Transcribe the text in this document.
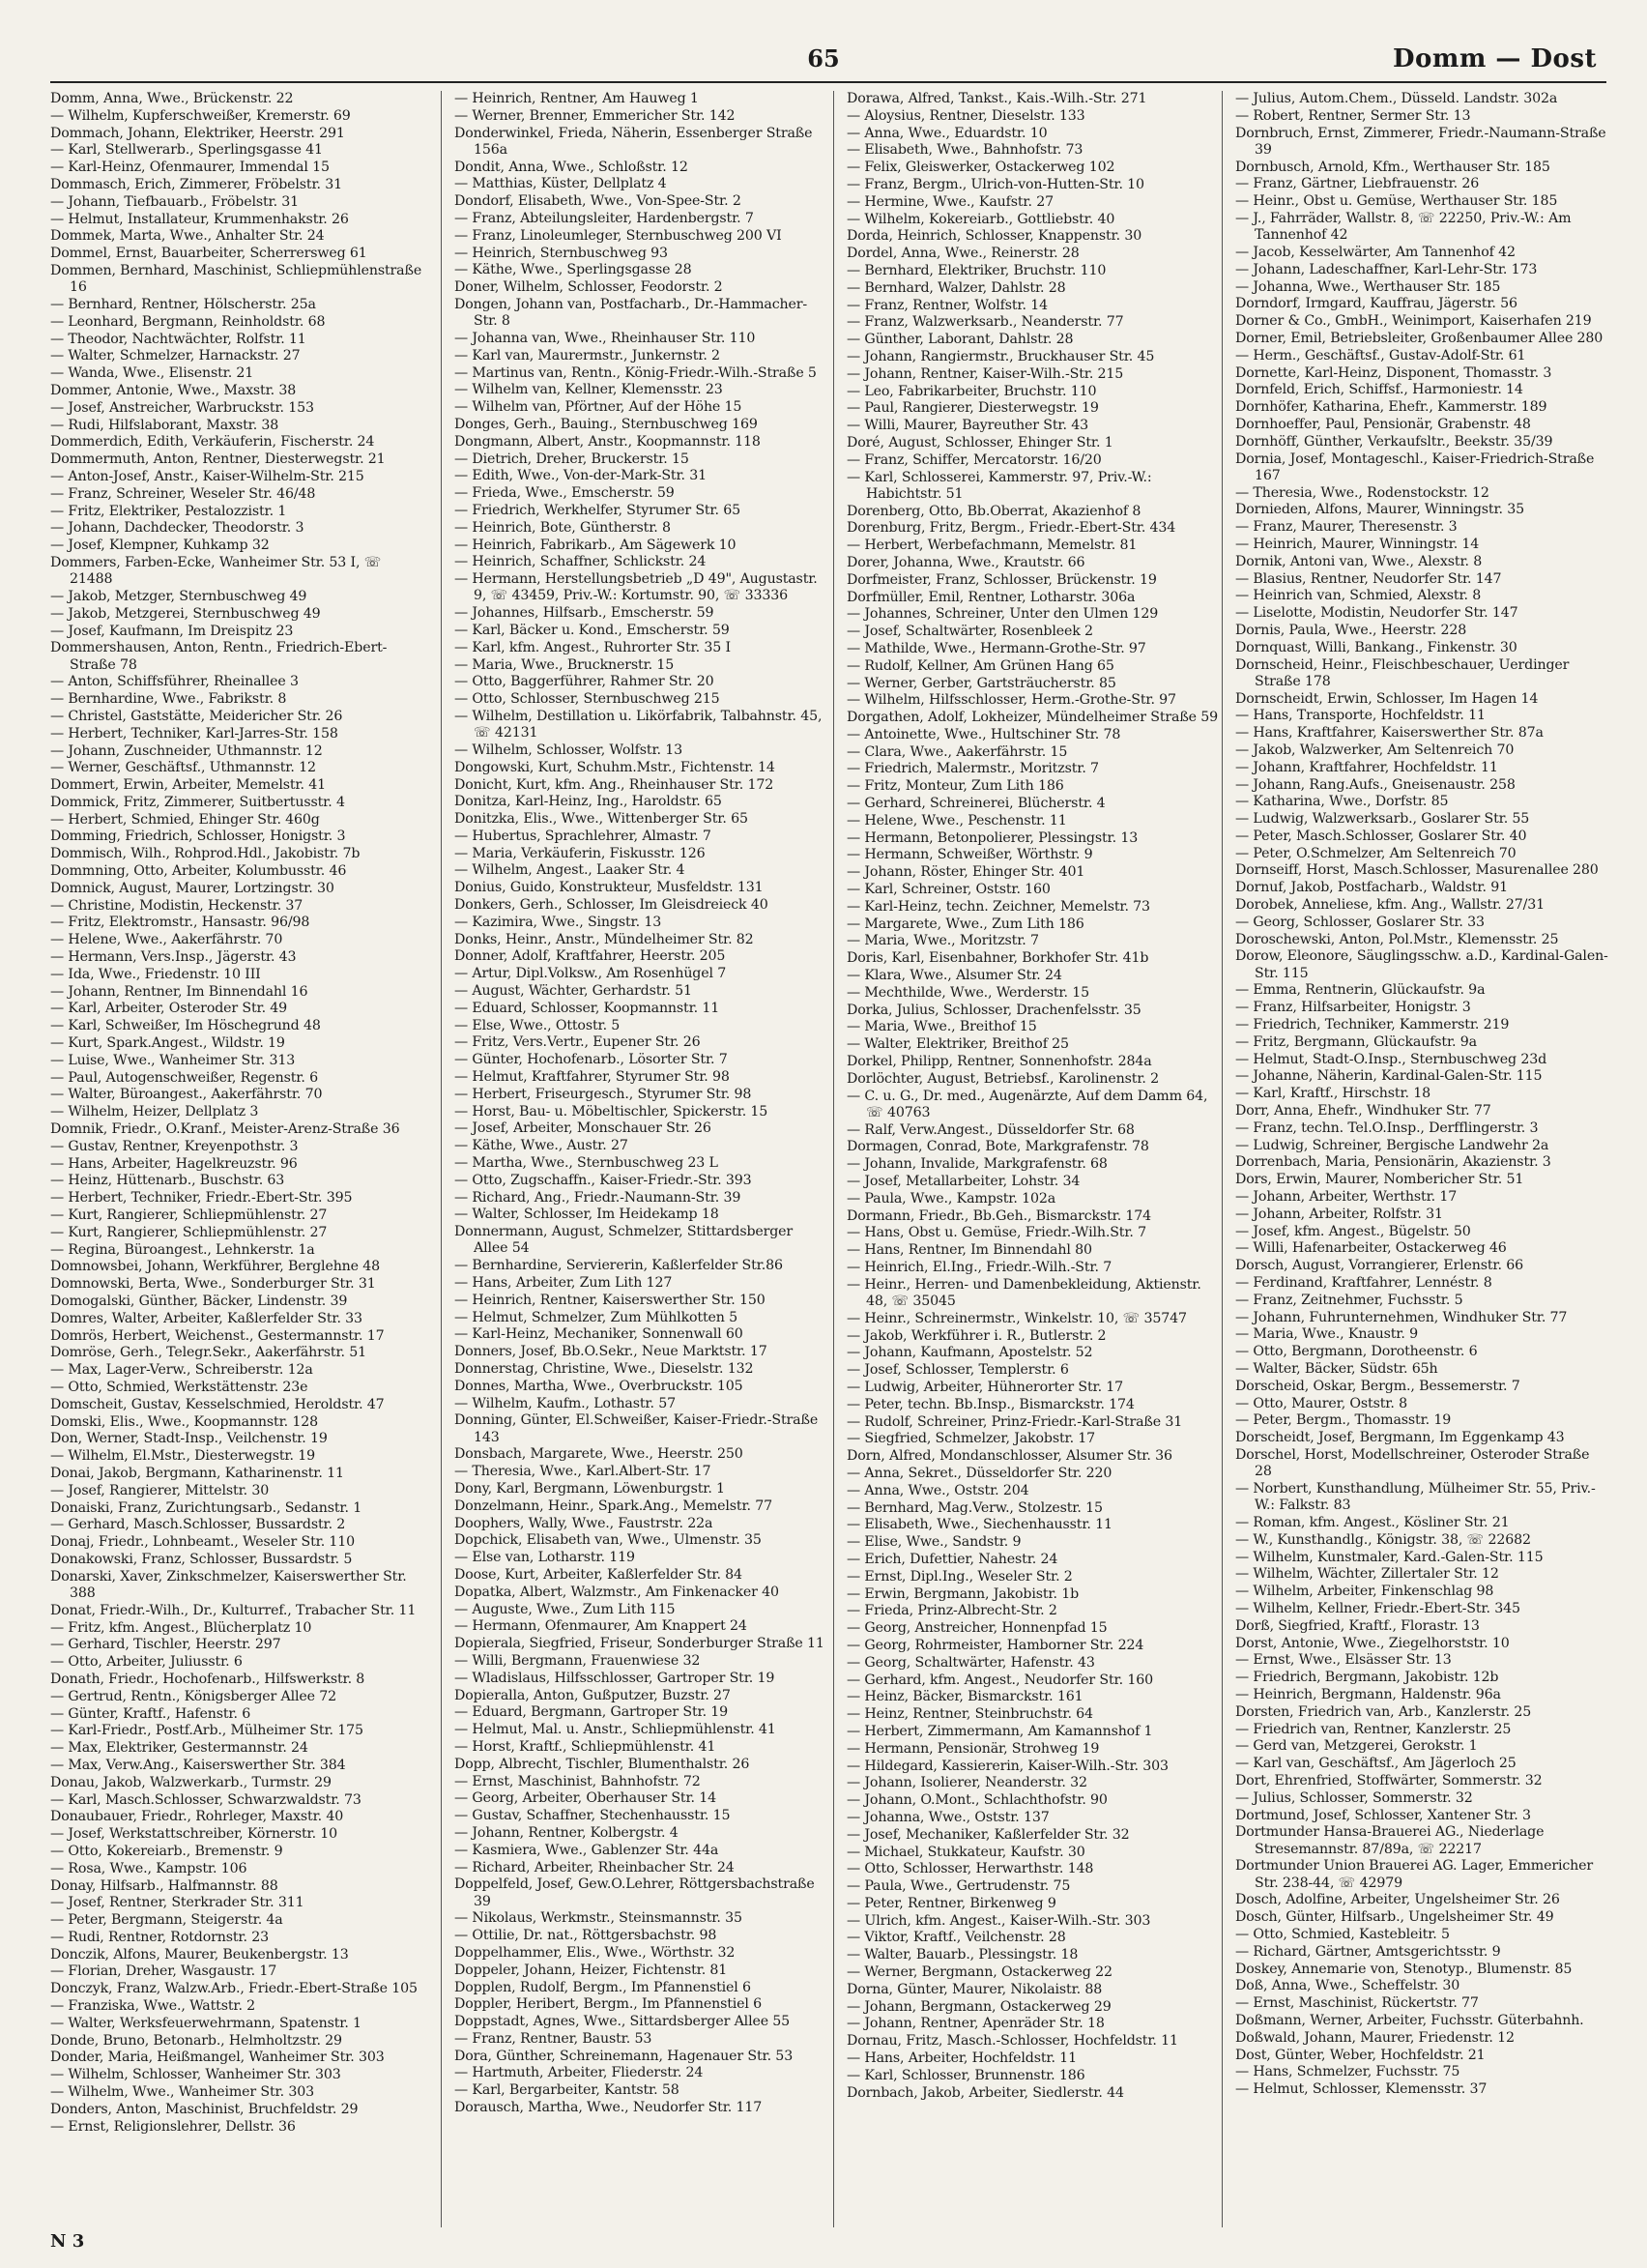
65	Domm — Dost
Domm, Anna, Wwe., Brückenstr. 22
— Wilhelm, Kupferschweißer, Kremerstr. 69
Dommach, Johann, Elektriker, Heerstr. 291
— Karl, Stellwerarb., Sperlingsgasse 41
— Karl-Heinz, Ofenmaurer, Immendal 15
Dommasch, Erich, Zimmerer, Fröbelstr. 31
— Johann, Tiefbauarb., Fröbelstr. 31
— Helmut, Installateur, Krummenhakstr. 26
Dommek, Marta, Wwe., Anhalter Str. 24
Dommel, Ernst, Bauarbeiter, Scherrersweg 61
Dommen, Bernhard, Maschinist, Schliepmühlenstraße 16
— Bernhard, Rentner, Hölscherstr. 25a
— Leonhard, Bergmann, Reinholdstr. 68
— Theodor, Nachtwächter, Rolfstr. 11
— Walter, Schmelzer, Harnackstr. 27
— Wanda, Wwe., Elisenstr. 21
Dommer, Antonie, Wwe., Maxstr. 38
— Josef, Anstreicher, Warbruckstr. 153
— Rudi, Hilfslaborant, Maxstr. 38
Dommerdich, Edith, Verkäuferin, Fischerstr. 24
Dommermuth, Anton, Rentner, Diesterwegstr. 21
— Anton-Josef, Anstr., Kaiser-Wilhelm-Str. 215
— Franz, Schreiner, Weseler Str. 46/48
— Fritz, Elektriker, Pestalozzistr. 1
— Johann, Dachdecker, Theodorstr. 3
— Josef, Klempner, Kuhkamp 32
Dommers, Farben-Ecke, Wanheimer Str. 53 I, ☏ 21488
— Jakob, Metzger, Sternbuschweg 49
— Jakob, Metzgerei, Sternbuschweg 49
— Josef, Kaufmann, Im Dreispitz 23
Dommershausen, Anton, Rentn., Friedrich-Ebert-Straße 78
— Anton, Schiffsführer, Rheinallee 3
— Bernhardine, Wwe., Fabrikstr. 8
— Christel, Gaststätte, Meidericher Str. 26
— Herbert, Techniker, Karl-Jarres-Str. 158
— Johann, Zuschneider, Uthmannstr. 12
— Werner, Geschäftsf., Uthmannstr. 12
Dommert, Erwin, Arbeiter, Memelstr. 41
Dommick, Fritz, Zimmerer, Suitbertusstr. 4
— Herbert, Schmied, Ehinger Str. 460g
Domming, Friedrich, Schlosser, Honigstr. 3
Dommisch, Wilh., Rohprod.Hdl., Jakobistr. 7b
Dommning, Otto, Arbeiter, Kolumbusstr. 46
Domnick, August, Maurer, Lortzingstr. 30
— Christine, Modistin, Heckenstr. 37
— Fritz, Elektromstr., Hansastr. 96/98
— Helene, Wwe., Aakerfährstr. 70
— Hermann, Vers.Insp., Jägerstr. 43
— Ida, Wwe., Friedenstr. 10 III
— Johann, Rentner, Im Binnendahl 16
— Karl, Arbeiter, Osteroder Str. 49
— Karl, Schweißer, Im Höschegrund 48
— Kurt, Spark.Angest., Wildstr. 19
— Luise, Wwe., Wanheimer Str. 313
— Paul, Autogenschweißer, Regenstr. 6
— Walter, Büroangest., Aakerfährstr. 70
— Wilhelm, Heizer, Dellplatz 3
Domnik, Friedr., O.Kranf., Meister-Arenz-Straße 36
— Gustav, Rentner, Kreyenpothstr. 3
— Hans, Arbeiter, Hagelkreuzstr. 96
— Heinz, Hüttenarb., Buschstr. 63
— Herbert, Techniker, Friedr.-Ebert-Str. 395
— Kurt, Rangierer, Schliepmühlenstr. 27
— Kurt, Rangierer, Schliepmühlenstr. 27
— Regina, Büroangest., Lehnkerstr. 1a
Domnowsbei, Johann, Werkführer, Berglehne 48
Domnowski, Berta, Wwe., Sonderburger Str. 31
Domogalski, Günther, Bäcker, Lindenstr. 39
Domres, Walter, Arbeiter, Kaßlerfelder Str. 33
Domrös, Herbert, Weichenst., Gestermannstr. 17
Domröse, Gerh., Telegr.Sekr., Aakerfährstr. 51
— Max, Lager-Verw., Schreiberstr. 12a
— Otto, Schmied, Werkstättenstr. 23e
Domscheit, Gustav, Kesselschmied, Heroldstr. 47
Domski, Elis., Wwe., Koopmannstr. 128
Don, Werner, Stadt-Insp., Veilchenstr. 19
— Wilhelm, El.Mstr., Diesterwegstr. 19
Donai, Jakob, Bergmann, Katharinenstr. 11
— Josef, Rangierer, Mittelstr. 30
Donaiski, Franz, Zurichtungsarb., Sedanstr. 1
— Gerhard, Masch.Schlosser, Bussardstr. 2
Donaj, Friedr., Lohnbeamt., Weseler Str. 110
Donakowski, Franz, Schlosser, Bussardstr. 5
Donarski, Xaver, Zinkschmelzer, Kaiserswerther Str. 388
Donat, Friedr.-Wilh., Dr., Kulturref., Trabacher Str. 11
— Fritz, kfm. Angest., Blücherplatz 10
— Gerhard, Tischler, Heerstr. 297
— Otto, Arbeiter, Juliusstr. 6
Donath, Friedr., Hochofenarb., Hilfswerkstr. 8
— Gertrud, Rentn., Königsberger Allee 72
— Günter, Kraftf., Hafenstr. 6
— Karl-Friedr., Postf.Arb., Mülheimer Str. 175
— Max, Elektriker, Gestermannstr. 24
— Max, Verw.Ang., Kaiserswerther Str. 384
Donau, Jakob, Walzwerkarb., Turmstr. 29
— Karl, Masch.Schlosser, Schwarzwaldstr. 73
Donaubauer, Friedr., Rohrleger, Maxstr. 40
— Josef, Werkstattschreiber, Körnerstr. 10
— Otto, Kokereiarb., Bremenstr. 9
— Rosa, Wwe., Kampstr. 106
Donay, Hilfsarb., Halfmannstr. 88
— Josef, Rentner, Sterkrader Str. 311
— Peter, Bergmann, Steigerstr. 4a
— Rudi, Rentner, Rotdornstr. 23
Donczik, Alfons, Maurer, Beukenbergstr. 13
— Florian, Dreher, Wasgaustr. 17
Donczyk, Franz, Walzw.Arb., Friedr.-Ebert-Straße 105
— Franziska, Wwe., Wattstr. 2
— Walter, Werksfeuerwehrmann, Spatenstr. 1
Donde, Bruno, Betonarb., Helmholtzstr. 29
Donder, Maria, Heißmangel, Wanheimer Str. 303
— Wilhelm, Schlosser, Wanheimer Str. 303
— Wilhelm, Wwe., Wanheimer Str. 303
Donders, Anton, Maschinist, Bruchfeldstr. 29
— Ernst, Religionslehrer, Dellstr. 36
— Heinrich, Rentner, Am Hauweg 1
— Werner, Brenner, Emmericher Str. 142
Donderwinkel, Frieda, Näherin, Essenberger Straße 156a
Dondit, Anna, Wwe., Schloßstr. 12
— Matthias, Küster, Dellplatz 4
Dondorf, Elisabeth, Wwe., Von-Spee-Str. 2
— Franz, Abteilungsleiter, Hardenbergstr. 7
— Franz, Linoleumleger, Sternbuschweg 200 VI
— Heinrich, Sternbuschweg 93
— Käthe, Wwe., Sperlingsgasse 28
Doner, Wilhelm, Schlosser, Feodorstr. 2
Dongen, Johann van, Postfacharb., Dr.-Hammacher-Str. 8
— Johanna van, Wwe., Rheinhauser Str. 110
— Karl van, Maurermstr., Junkernstr. 2
— Martinus van, Rentn., König-Friedr.-Wilh.-Straße 5
— Wilhelm van, Kellner, Klemensstr. 23
— Wilhelm van, Pförtner, Auf der Höhe 15
Donges, Gerh., Bauing., Sternbuschweg 169
Dongmann, Albert, Anstr., Koopmannstr. 118
— Dietrich, Dreher, Bruckerstr. 15
— Edith, Wwe., Von-der-Mark-Str. 31
— Frieda, Wwe., Emscherstr. 59
— Friedrich, Werkhelfer, Styrumer Str. 65
— Heinrich, Bote, Güntherstr. 8
— Heinrich, Fabrikarb., Am Sägewerk 10
— Heinrich, Schaffner, Schlickstr. 24
— Hermann, Herstellungsbetrieb „D 49", Augustastr. 9, ☏ 43459, Priv.-W.: Kortumstr. 90, ☏ 33336
— Johannes, Hilfsarb., Emscherstr. 59
— Karl, Bäcker u. Kond., Emscherstr. 59
— Karl, kfm. Angest., Ruhrorter Str. 35 I
— Maria, Wwe., Brucknerstr. 15
— Otto, Baggerführer, Rahmer Str. 20
— Otto, Schlosser, Sternbuschweg 215
— Wilhelm, Destillation u. Likörfabrik, Talbahnstr. 45, ☏ 42131
— Wilhelm, Schlosser, Wolfstr. 13
Dongowski, Kurt, Schuhm.Mstr., Fichtenstr. 14
Donicht, Kurt, kfm. Ang., Rheinhauser Str. 172
Donitza, Karl-Heinz, Ing., Haroldstr. 65
Donitzka, Elis., Wwe., Wittenberger Str. 65
— Hubertus, Sprachlehrer, Almastr. 7
— Maria, Verkäuferin, Fiskusstr. 126
— Wilhelm, Angest., Laaker Str. 4
Donius, Guido, Konstrukteur, Musfeldstr. 131
Donkers, Gerh., Schlosser, Im Gleisdreieck 40
— Kazimira, Wwe., Singstr. 13
Donks, Heinr., Anstr., Mündelheimer Str. 82
Donner, Adolf, Kraftfahrer, Heerstr. 205
— Artur, Dipl.Volksw., Am Rosenhügel 7
— August, Wächter, Gerhardstr. 51
— Eduard, Schlosser, Koopmannstr. 11
— Else, Wwe., Ottostr. 5
— Fritz, Vers.Vertr., Eupener Str. 26
— Günter, Hochofenarb., Lösorter Str. 7
— Helmut, Kraftfahrer, Styrumer Str. 98
— Herbert, Friseurgesch., Styrumer Str. 98
— Horst, Bau- u. Möbeltischler, Spickerstr. 15
— Josef, Arbeiter, Monschauer Str. 26
— Käthe, Wwe., Austr. 27
— Martha, Wwe., Sternbuschweg 23 L
— Otto, Zugschaffn., Kaiser-Friedr.-Str. 393
— Richard, Ang., Friedr.-Naumann-Str. 39
— Walter, Schlosser, Im Heidekamp 18
Donnermann, August, Schmelzer, Stittardsberger Allee 54
— Bernhardine, Serviererin, Kaßlerfelder Str.86
— Hans, Arbeiter, Zum Lith 127
— Heinrich, Rentner, Kaiserswerther Str. 150
— Helmut, Schmelzer, Zum Mühlkotten 5
— Karl-Heinz, Mechaniker, Sonnenwall 60
Donners, Josef, Bb.O.Sekr., Neue Marktstr. 17
Donnerstag, Christine, Wwe., Dieselstr. 132
Donnes, Martha, Wwe., Overbruckstr. 105
— Wilhelm, Kaufm., Lothastr. 57
Donning, Günter, El.Schweißer, Kaiser-Friedr.-Straße 143
Donsbach, Margarete, Wwe., Heerstr. 250
— Theresia, Wwe., Karl.Albert-Str. 17
Dony, Karl, Bergmann, Löwenburgstr. 1
Donzelmann, Heinr., Spark.Ang., Memelstr. 77
Doophers, Wally, Wwe., Faustrstr. 22a
Dopchick, Elisabeth van, Wwe., Ulmenstr. 35
— Else van, Lotharstr. 119
Doose, Kurt, Arbeiter, Kaßlerfelder Str. 84
Dopatka, Albert, Walzmstr., Am Finkenacker 40
— Auguste, Wwe., Zum Lith 115
— Hermann, Ofenmaurer, Am Knappert 24
Dopierala, Siegfried, Friseur, Sonderburger Straße 11
— Willi, Bergmann, Frauenwiese 32
— Wladislaus, Hilfsschlosser, Gartroper Str. 19
Dopieralla, Anton, Gußputzer, Buzstr. 27
— Eduard, Bergmann, Gartroper Str. 19
— Helmut, Mal. u. Anstr., Schliepmühlenstr. 41
— Horst, Kraftf., Schliepmühlenstr. 41
Dopp, Albrecht, Tischler, Blumenthalstr. 26
— Ernst, Maschinist, Bahnhofstr. 72
— Georg, Arbeiter, Oberhauser Str. 14
— Gustav, Schaffner, Stechenhausstr. 15
— Johann, Rentner, Kolbergstr. 4
— Kasmiera, Wwe., Gablenzer Str. 44a
— Richard, Arbeiter, Rheinbacher Str. 24
Doppelfeld, Josef, Gew.O.Lehrer, Röttgersbachstraße 39
— Nikolaus, Werkmstr., Steinsmannstr. 35
— Ottilie, Dr. nat., Röttgersbachstr. 98
Doppelhammer, Elis., Wwe., Wörthstr. 32
Doppeler, Johann, Heizer, Fichtenstr. 81
Dopplen, Rudolf, Bergm., Im Pfannenstiel 6
Doppler, Heribert, Bergm., Im Pfannenstiel 6
Doppstadt, Agnes, Wwe., Sittardsberger Allee 55
— Franz, Rentner, Baustr. 53
Dora, Günther, Schreinemann, Hagenauer Str. 53
— Hartmuth, Arbeiter, Fliederstr. 24
— Karl, Bergarbeiter, Kantstr. 58
Dorausch, Martha, Wwe., Neudorfer Str. 117
Dorawa, Alfred, Tankst., Kais.-Wilh.-Str. 271
— Aloysius, Rentner, Dieselstr. 133
— Anna, Wwe., Eduardstr. 10
— Elisabeth, Wwe., Bahnhofstr. 73
— Felix, Gleiswerker, Ostackerweg 102
— Franz, Bergm., Ulrich-von-Hutten-Str. 10
— Hermine, Wwe., Kaufstr. 27
— Wilhelm, Kokereiarb., Gottliebstr. 40
Dorda, Heinrich, Schlosser, Knappenstr. 30
Dordel, Anna, Wwe., Reinerstr. 28
— Bernhard, Elektriker, Bruchstr. 110
— Bernhard, Walzer, Dahlstr. 28
— Franz, Rentner, Wolfstr. 14
— Franz, Walzwerksarb., Neanderstr. 77
— Günther, Laborant, Dahlstr. 28
— Johann, Rangiermstr., Bruckhauser Str. 45
— Johann, Rentner, Kaiser-Wilh.-Str. 215
— Leo, Fabrikarbeiter, Bruchstr. 110
— Paul, Rangierer, Diesterwegstr. 19
— Willi, Maurer, Bayreuther Str. 43
Doré, August, Schlosser, Ehinger Str. 1
— Franz, Schiffer, Mercatorstr. 16/20
— Karl, Schlosserei, Kammerstr. 97, Priv.-W.: Habichtstr. 51
Dorenberg, Otto, Bb.Oberrat, Akazienhof 8
Dorenburg, Fritz, Bergm., Friedr.-Ebert-Str. 434
— Herbert, Werbefachmann, Memelstr. 81
Dorer, Johanna, Wwe., Krautstr. 66
Dorfmeister, Franz, Schlosser, Brückenstr. 19
Dorfmüller, Emil, Rentner, Lotharstr. 306a
— Johannes, Schreiner, Unter den Ulmen 129
— Josef, Schaltwärter, Rosenbleek 2
— Mathilde, Wwe., Hermann-Grothe-Str. 97
— Rudolf, Kellner, Am Grünen Hang 65
— Werner, Gerber, Gartsträucherstr. 85
— Wilhelm, Hilfsschlosser, Herm.-Grothe-Str. 97
Dorgathen, Adolf, Lokheizer, Mündelheimer Straße 59
— Antoinette, Wwe., Hultschiner Str. 78
— Clara, Wwe., Aakerfährstr. 15
— Friedrich, Malermstr., Moritzstr. 7
— Fritz, Monteur, Zum Lith 186
— Gerhard, Schreinerei, Blücherstr. 4
— Helene, Wwe., Peschenstr. 11
— Hermann, Betonpolierer, Plessingstr. 13
— Hermann, Schweißer, Wörthstr. 9
— Johann, Röster, Ehinger Str. 401
— Karl, Schreiner, Oststr. 160
— Karl-Heinz, techn. Zeichner, Memelstr. 73
— Margarete, Wwe., Zum Lith 186
— Maria, Wwe., Moritzstr. 7
Doris, Karl, Eisenbahner, Borkhofer Str. 41b
— Klara, Wwe., Alsumer Str. 24
— Mechthilde, Wwe., Werderstr. 15
Dorka, Julius, Schlosser, Drachenfelsstr. 35
— Maria, Wwe., Breithof 15
— Walter, Elektriker, Breithof 25
Dorkel, Philipp, Rentner, Sonnenhofstr. 284a
Dorlöchter, August, Betriebsf., Karolinenstr. 2
— C. u. G., Dr. med., Augenärzte, Auf dem Damm 64, ☏ 40763
— Ralf, Verw.Angest., Düsseldorfer Str. 68
Dormagen, Conrad, Bote, Markgrafenstr. 78
— Johann, Invalide, Markgrafenstr. 68
— Josef, Metallarbeiter, Lohstr. 34
— Paula, Wwe., Kampstr. 102a
Dormann, Friedr., Bb.Geh., Bismarckstr. 174
— Hans, Obst u. Gemüse, Friedr.-Wilh.Str. 7
— Hans, Rentner, Im Binnendahl 80
— Heinrich, El.Ing., Friedr.-Wilh.-Str. 7
— Heinr., Herren- und Damenbekleidung, Aktienstr. 48, ☏ 35045
— Heinr., Schreinermstr., Winkelstr. 10, ☏ 35747
— Jakob, Werkführer i. R., Butlerstr. 2
— Johann, Kaufmann, Apostelstr. 52
— Josef, Schlosser, Templerstr. 6
— Ludwig, Arbeiter, Hühnerorter Str. 17
— Peter, techn. Bb.Insp., Bismarckstr. 174
— Rudolf, Schreiner, Prinz-Friedr.-Karl-Straße 31
— Siegfried, Schmelzer, Jakobstr. 17
Dorn, Alfred, Mondanschlosser, Alsumer Str. 36
— Anna, Sekret., Düsseldorfer Str. 220
— Anna, Wwe., Oststr. 204
— Bernhard, Mag.Verw., Stolzestr. 15
— Elisabeth, Wwe., Siechenhausstr. 11
— Elise, Wwe., Sandstr. 9
— Erich, Dufettier, Nahestr. 24
— Ernst, Dipl.Ing., Weseler Str. 2
— Erwin, Bergmann, Jakobistr. 1b
— Frieda, Prinz-Albrecht-Str. 2
— Georg, Anstreicher, Honnenpfad 15
— Georg, Rohrmeister, Hamborner Str. 224
— Georg, Schaltwärter, Hafenstr. 43
— Gerhard, kfm. Angest., Neudorfer Str. 160
— Heinz, Bäcker, Bismarckstr. 161
— Heinz, Rentner, Steinbruchstr. 64
— Herbert, Zimmermann, Am Kamannshof 1
— Hermann, Pensionär, Strohweg 19
— Hildegard, Kassiererin, Kaiser-Wilh.-Str. 303
— Johann, Isolierer, Neanderstr. 32
— Johann, O.Mont., Schlachthofstr. 90
— Johanna, Wwe., Oststr. 137
— Josef, Mechaniker, Kaßlerfelder Str. 32
— Michael, Stukkateur, Kaufstr. 30
— Otto, Schlosser, Herwarthstr. 148
— Paula, Wwe., Gertrudenstr. 75
— Peter, Rentner, Birkenweg 9
— Ulrich, kfm. Angest., Kaiser-Wilh.-Str. 303
— Viktor, Kraftf., Veilchenstr. 28
— Walter, Bauarb., Plessingstr. 18
— Werner, Bergmann, Ostackerweg 22
Dorna, Günter, Maurer, Nikolaistr. 88
— Johann, Bergmann, Ostackerweg 29
— Johann, Rentner, Apenräder Str. 18
Dornau, Fritz, Masch.-Schlosser, Hochfeldstr. 11
— Hans, Arbeiter, Hochfeldstr. 11
— Karl, Schlosser, Brunnenstr. 186
Dornbach, Jakob, Arbeiter, Siedlerstr. 44
— Julius, Autom.Chem., Düsseld. Landstr. 302a
— Robert, Rentner, Sermer Str. 13
Dornbruch, Ernst, Zimmerer, Friedr.-Naumann-Straße 39
Dornbusch, Arnold, Kfm., Werthauser Str. 185
— Franz, Gärtner, Liebfrauenstr. 26
— Heinr., Obst u. Gemüse, Werthauser Str. 185
— J., Fahrräder, Wallstr. 8, ☏ 22250, Priv.-W.: Am Tannenhof 42
— Jacob, Kesselwärter, Am Tannenhof 42
— Johann, Ladeschaffner, Karl-Lehr-Str. 173
— Johanna, Wwe., Werthauser Str. 185
Dorndorf, Irmgard, Kauffrau, Jägerstr. 56
Dorner & Co., GmbH., Weinimport, Kaiserhafen 219
Dorner, Emil, Betriebsleiter, Großenbaumer Allee 280
— Herm., Geschäftsf., Gustav-Adolf-Str. 61
Dornette, Karl-Heinz, Disponent, Thomasstr. 3
Dornfeld, Erich, Schiffsf., Harmoniestr. 14
Dornhöfer, Katharina, Ehefr., Kammerstr. 189
Dornhoeffer, Paul, Pensionär, Grabenstr. 48
Dornhöff, Günther, Verkaufsltr., Beekstr. 35/39
Dornia, Josef, Montageschl., Kaiser-Friedrich-Straße 167
— Theresia, Wwe., Rodenstockstr. 12
Dornieden, Alfons, Maurer, Winningstr. 35
— Franz, Maurer, Theresenstr. 3
— Heinrich, Maurer, Winningstr. 14
Dornik, Antoni van, Wwe., Alexstr. 8
— Blasius, Rentner, Neudorfer Str. 147
— Heinrich van, Schmied, Alexstr. 8
— Liselotte, Modistin, Neudorfer Str. 147
Dornis, Paula, Wwe., Heerstr. 228
Dornquast, Willi, Bankang., Finkenstr. 30
Dornscheid, Heinr., Fleischbeschauer, Uerdinger Straße 178
Dornscheidt, Erwin, Schlosser, Im Hagen 14
— Hans, Transporte, Hochfeldstr. 11
— Hans, Kraftfahrer, Kaiserswerther Str. 87a
— Jakob, Walzwerker, Am Seltenreich 70
— Johann, Kraftfahrer, Hochfeldstr. 11
— Johann, Rang.Aufs., Gneisenaustr. 258
— Katharina, Wwe., Dorfstr. 85
— Ludwig, Walzwerksarb., Goslarer Str. 55
— Peter, Masch.Schlosser, Goslarer Str. 40
— Peter, O.Schmelzer, Am Seltenreich 70
Dornseiff, Horst, Masch.Schlosser, Masurenallee 280
Dornuf, Jakob, Postfacharb., Waldstr. 91
Dorobek, Anneliese, kfm. Ang., Wallstr. 27/31
— Georg, Schlosser, Goslarer Str. 33
Doroschewski, Anton, Pol.Mstr., Klemensstr. 25
Dorow, Eleonore, Säuglingsschw. a.D., Kardinal-Galen-Str. 115
— Emma, Rentnerin, Glückaufstr. 9a
— Franz, Hilfsarbeiter, Honigstr. 3
— Friedrich, Techniker, Kammerstr. 219
— Fritz, Bergmann, Glückaufstr. 9a
— Helmut, Stadt-O.Insp., Sternbuschweg 23d
— Johanne, Näherin, Kardinal-Galen-Str. 115
— Karl, Kraftf., Hirschstr. 18
Dorr, Anna, Ehefr., Windhuker Str. 77
— Franz, techn. Tel.O.Insp., Derfflingerstr. 3
— Ludwig, Schreiner, Bergische Landwehr 2a
Dorrenbach, Maria, Pensionärin, Akazienstr. 3
Dors, Erwin, Maurer, Nombericher Str. 51
— Johann, Arbeiter, Werthstr. 17
— Johann, Arbeiter, Rolfstr. 31
— Josef, kfm. Angest., Bügelstr. 50
— Willi, Hafenarbeiter, Ostackerweg 46
Dorsch, August, Vorrangierer, Erlenstr. 66
— Ferdinand, Kraftfahrer, Lennéstr. 8
— Franz, Zeitnehmer, Fuchsstr. 5
— Johann, Fuhrunternehmen, Windhuker Str. 77
— Maria, Wwe., Knaustr. 9
— Otto, Bergmann, Dorotheenstr. 6
— Walter, Bäcker, Südstr. 65h
Dorscheid, Oskar, Bergm., Bessemerstr. 7
— Otto, Maurer, Oststr. 8
— Peter, Bergm., Thomasstr. 19
Dorscheidt, Josef, Bergmann, Im Eggenkamp 43
Dorschel, Horst, Modellschreiner, Osteroder Straße 28
— Norbert, Kunsthandlung, Mülheimer Str. 55, Priv.-W.: Falkstr. 83
— Roman, kfm. Angest., Kösliner Str. 21
— W., Kunsthandlg., Königstr. 38, ☏ 22682
— Wilhelm, Kunstmaler, Kard.-Galen-Str. 115
— Wilhelm, Wächter, Zillertaler Str. 12
— Wilhelm, Arbeiter, Finkenschlag 98
— Wilhelm, Kellner, Friedr.-Ebert-Str. 345
Dorß, Siegfried, Kraftf., Florastr. 13
Dorst, Antonie, Wwe., Ziegelhorststr. 10
— Ernst, Wwe., Elsässer Str. 13
— Friedrich, Bergmann, Jakobistr. 12b
— Heinrich, Bergmann, Haldenstr. 96a
Dorsten, Friedrich van, Arb., Kanzlerstr. 25
— Friedrich van, Rentner, Kanzlerstr. 25
— Gerd van, Metzgerei, Gerokstr. 1
— Karl van, Geschäftsf., Am Jägerloch 25
Dort, Ehrenfried, Stoffwärter, Sommerstr. 32
— Julius, Schlosser, Sommerstr. 32
Dortmund, Josef, Schlosser, Xantener Str. 3
Dortmunder Hansa-Brauerei AG., Niederlage Stresemannstr. 87/89a, ☏ 22217
Dortmunder Union Brauerei AG. Lager, Emmericher Str. 238-44, ☏ 42979
Dosch, Adolfine, Arbeiter, Ungelsheimer Str. 26
Dosch, Günter, Hilfsarb., Ungelsheimer Str. 49
— Otto, Schmied, Kastebleitr. 5
— Richard, Gärtner, Amtsgerichtsstr. 9
Doskey, Annemarie von, Stenotyp., Blumenstr. 85
Doß, Anna, Wwe., Scheffelstr. 30
— Ernst, Maschinist, Rückertstr. 77
Doßmann, Werner, Arbeiter, Fuchsstr. Güterbahnh.
Doßwald, Johann, Maurer, Friedenstr. 12
Dost, Günter, Weber, Hochfeldstr. 21
— Hans, Schmelzer, Fuchsstr. 75
— Helmut, Schlosser, Klemensstr. 37
N 3
